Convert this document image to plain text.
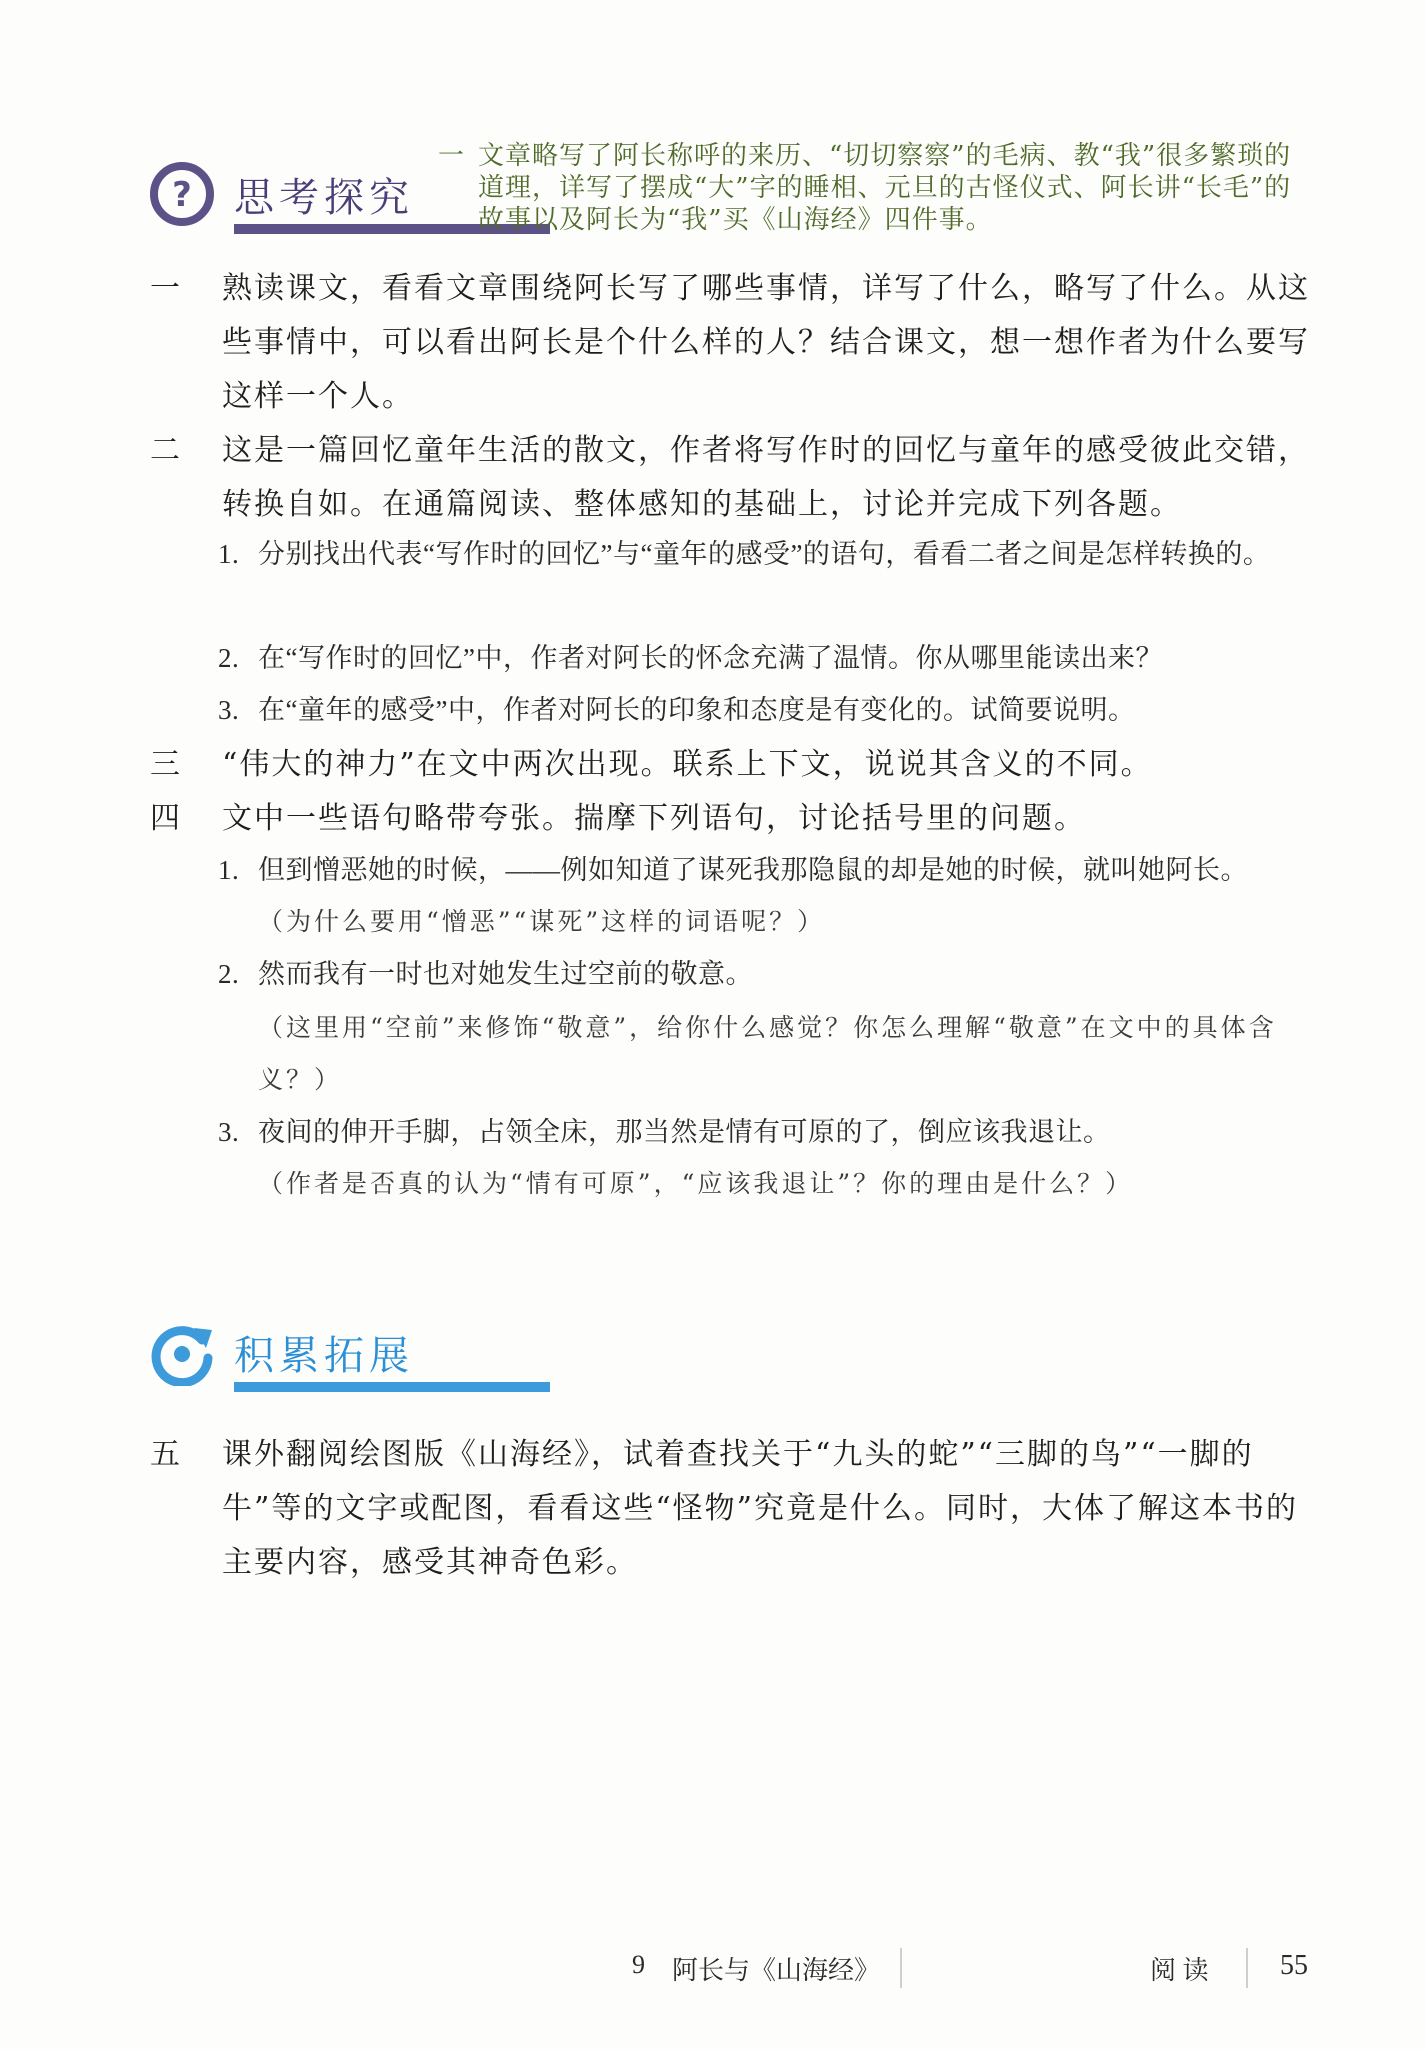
? 思考探究
一 文章略写了阿长称呼的来历、“切切察察”的毛病、教“我”很多繁琐的道理，详写了摆成“大”字的睡相、元旦的古怪仪式、阿长讲“长毛”的故事以及阿长为“我”买《山海经》四件事。
一	熟读课文，看看文章围绕阿长写了哪些事情，详写了什么，略写了什么。从这些事情中，可以看出阿长是个什么样的人？结合课文，想一想作者为什么要写这样一个人。
二	这是一篇回忆童年生活的散文，作者将写作时的回忆与童年的感受彼此交错，转换自如。在通篇阅读、整体感知的基础上，讨论并完成下列各题。
1. 分别找出代表“写作时的回忆”与“童年的感受”的语句，看看二者之间是怎样转换的。
2. 在“写作时的回忆”中，作者对阿长的怀念充满了温情。你从哪里能读出来？
3. 在“童年的感受”中，作者对阿长的印象和态度是有变化的。试简要说明。
三	“伟大的神力”在文中两次出现。联系上下文，说说其含义的不同。
四	文中一些语句略带夸张。揣摩下列语句，讨论括号里的问题。
1. 但到憎恶她的时候，——例如知道了谋死我那隐鼠的却是她的时候，就叫她阿长。
（为什么要用“憎恶”“谋死”这样的词语呢？）
2. 然而我有一时也对她发生过空前的敬意。
（这里用“空前”来修饰“敬意”，给你什么感觉？你怎么理解“敬意”在文中的具体含义？）
3. 夜间的伸开手脚，占领全床，那当然是情有可原的了，倒应该我退让。
（作者是否真的认为“情有可原”，“应该我退让”？你的理由是什么？）
积累拓展
五	课外翻阅绘图版《山海经》，试着查找关于“九头的蛇”“三脚的鸟”“一脚的牛”等的文字或配图，看看这些“怪物”究竟是什么。同时，大体了解这本书的主要内容，感受其神奇色彩。
9 阿长与《山海经》	阅 读	55
